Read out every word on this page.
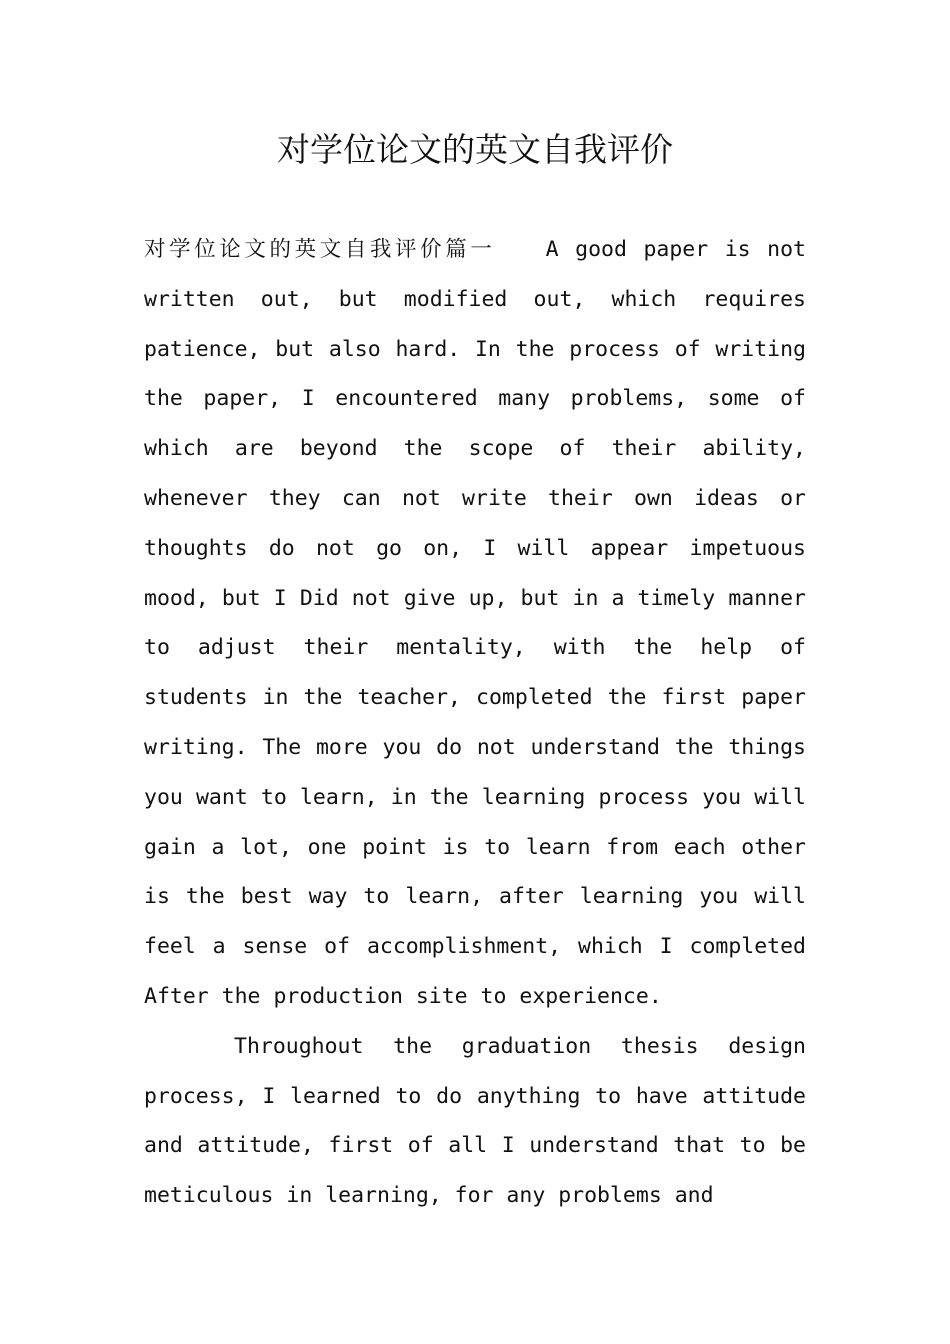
对学位论文的英文自我评价

对学位论文的英文自我评价篇一　　A good paper is not written out, but modified out, which requires patience, but also hard. In the process of writing the paper, I encountered many problems, some of which are beyond the scope of their ability, whenever they can not write their own ideas or thoughts do not go on, I will appear impetuous mood, but I Did not give up, but in a timely manner to adjust their mentality, with the help of students in the teacher, completed the first paper writing. The more you do not understand the things you want to learn, in the learning process you will gain a lot, one point is to learn from each other is the best way to learn, after learning you will feel a sense of accomplishment, which I completed After the production site to experience.

Throughout the graduation thesis design process, I learned to do anything to have attitude and attitude, first of all I understand that to be meticulous in learning, for any problems and
